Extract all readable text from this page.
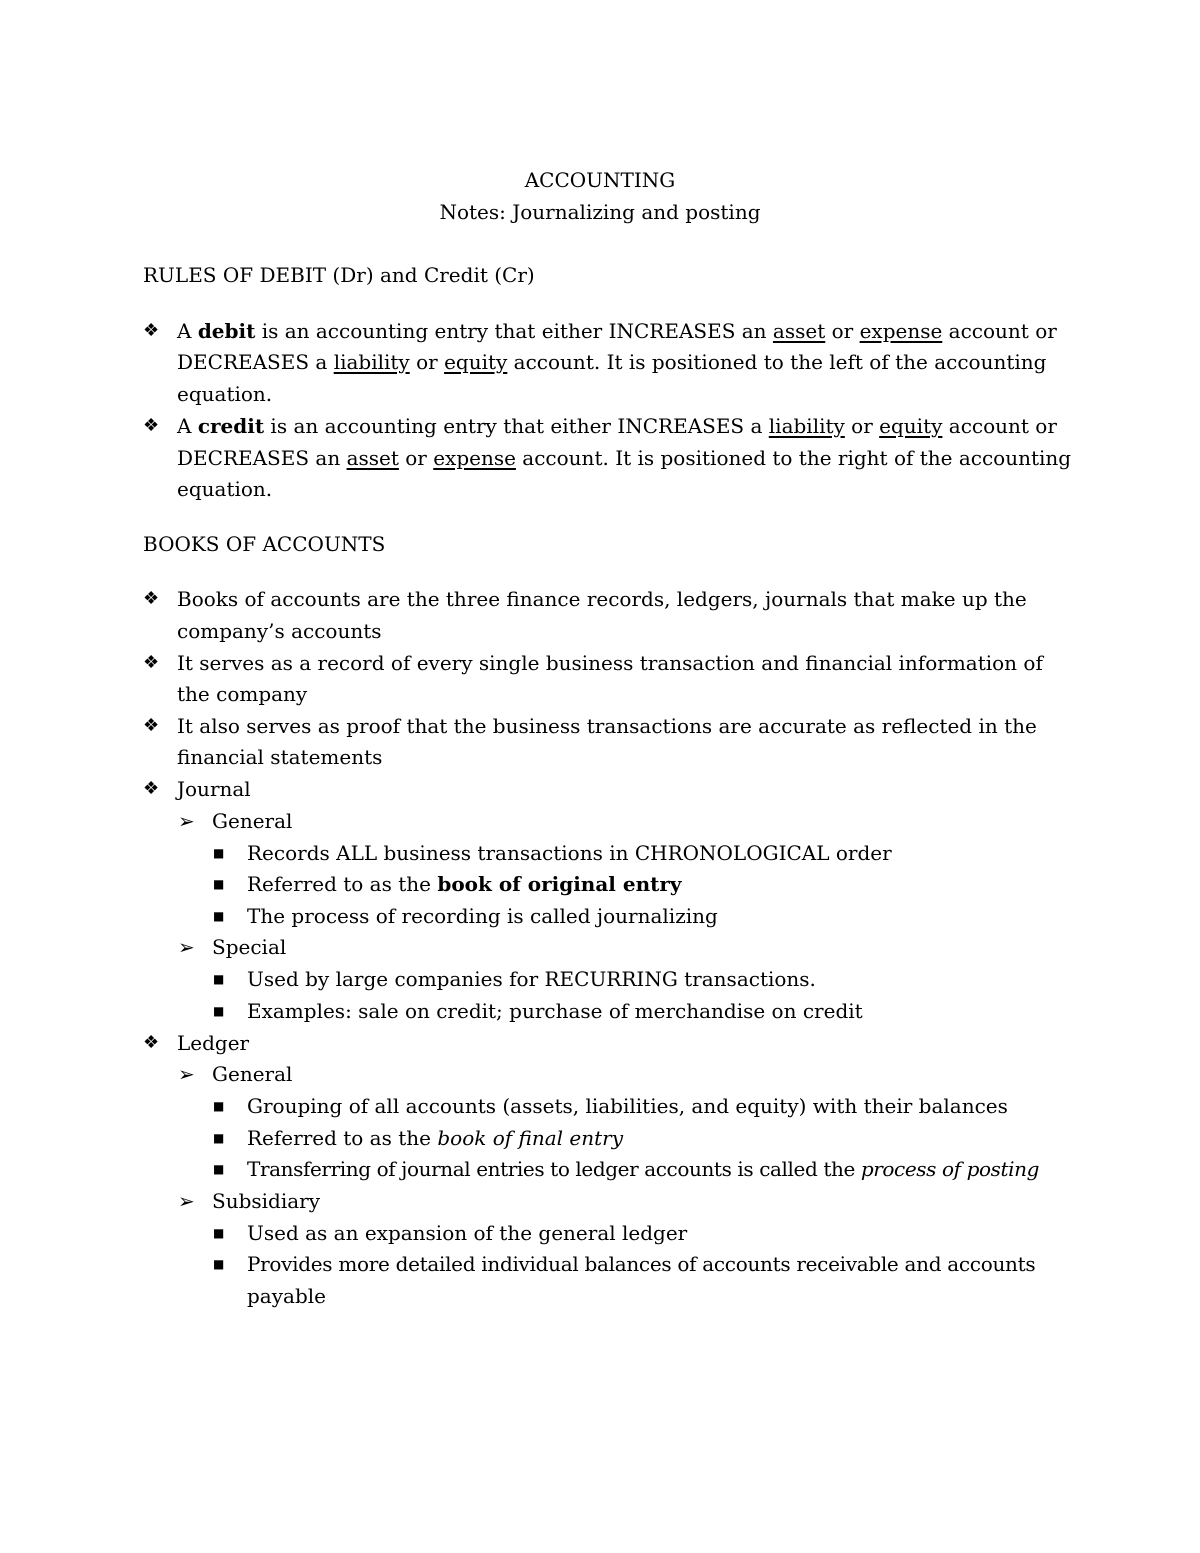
ACCOUNTING
Notes: Journalizing and posting
RULES OF DEBIT (Dr) and Credit (Cr)
❖ A debit is an accounting entry that either INCREASES an asset or expense account or
DECREASES a liability or equity account. It is positioned to the left of the accounting
equation.
❖ A credit is an accounting entry that either INCREASES a liability or equity account or
DECREASES an asset or expense account. It is positioned to the right of the accounting
equation.
BOOKS OF ACCOUNTS
❖ Books of accounts are the three finance records, ledgers, journals that make up the
company’s accounts
❖ It serves as a record of every single business transaction and financial information of
the company
❖ It also serves as proof that the business transactions are accurate as reflected in the
financial statements
❖ Journal
➢ General
■ Records ALL business transactions in CHRONOLOGICAL order
■ Referred to as the book of original entry
■ The process of recording is called journalizing
➢ Special
■ Used by large companies for RECURRING transactions.
■ Examples: sale on credit; purchase of merchandise on credit
❖ Ledger
➢ General
■ Grouping of all accounts (assets, liabilities, and equity) with their balances
■ Referred to as the book of final entry
■ Transferring of journal entries to ledger accounts is called the process of posting
➢ Subsidiary
■ Used as an expansion of the general ledger
■ Provides more detailed individual balances of accounts receivable and accounts
payable
